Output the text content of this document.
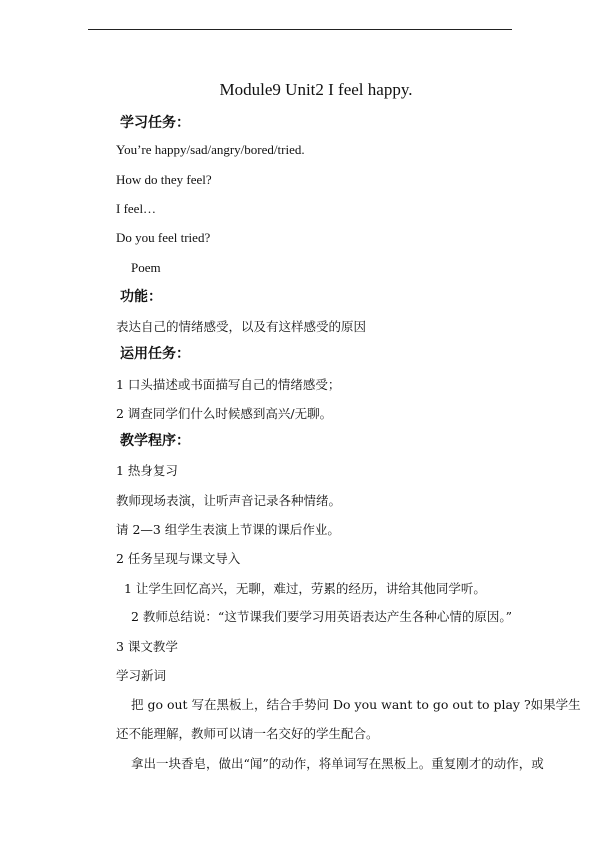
Module9 Unit2 I feel happy.
学习任务：
You’re happy/sad/angry/bored/tried.
How do they feel?
I feel…
Do you feel tried?
Poem
功能：
表达自己的情绪感受，以及有这样感受的原因
运用任务：
1 口头描述或书面描写自己的情绪感受；
2 调查同学们什么时候感到高兴/无聊。
教学程序：
1 热身复习
教师现场表演，让听声音记录各种情绪。
请 2—3 组学生表演上节课的课后作业。
2 任务呈现与课文导入
1 让学生回忆高兴，无聊，难过，劳累的经历，讲给其他同学听。
2 教师总结说：“这节课我们要学习用英语表达产生各种心情的原因。”
3 课文教学
学习新词
把 go out 写在黑板上，结合手势问 Do you want to go out to play ?如果学生
还不能理解，教师可以请一名交好的学生配合。
拿出一块香皂，做出“闻”的动作，将单词写在黑板上。重复刚才的动作，或
